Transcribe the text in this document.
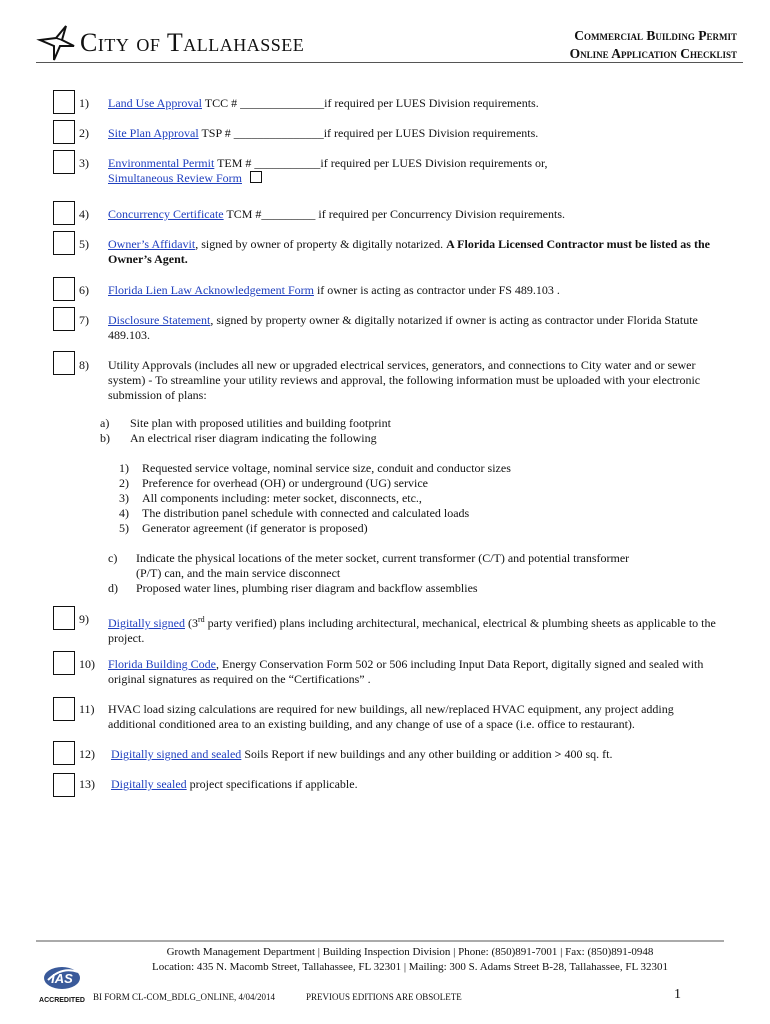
City of Tallahassee	Commercial Building Permit
Online Application Checklist
1) Land Use Approval TCC # ______________if required per LUES Division requirements.
2) Site Plan Approval TSP # _______________if required per LUES Division requirements.
3) Environmental Permit TEM # ___________if required per LUES Division requirements or,
Simultaneous Review Form
4) Concurrency Certificate TCM #_________ if required per Concurrency Division requirements.
5) Owner’s Affidavit, signed by owner of property & digitally notarized. A Florida Licensed Contractor must be listed as the Owner’s Agent.
6) Florida Lien Law Acknowledgement Form if owner is acting as contractor under FS 489.103 .
7) Disclosure Statement, signed by property owner & digitally notarized if owner is acting as contractor under Florida Statute 489.103.
8) Utility Approvals (includes all new or upgraded electrical services, generators, and connections to City water and or sewer system) - To streamline your utility reviews and approval, the following information must be uploaded with your electronic submission of plans:
a) Site plan with proposed utilities and building footprint
b) An electrical riser diagram indicating the following
1) Requested service voltage, nominal service size, conduit and conductor sizes
2) Preference for overhead (OH) or underground (UG) service
3) All components including: meter socket, disconnects, etc.,
4) The distribution panel schedule with connected and calculated loads
5) Generator agreement (if generator is proposed)
c) Indicate the physical locations of the meter socket, current transformer (C/T) and potential transformer (P/T) can, and the main service disconnect
d) Proposed water lines, plumbing riser diagram and backflow assemblies
9) Digitally signed (3rd party verified) plans including architectural, mechanical, electrical & plumbing sheets as applicable to the project.
10) Florida Building Code, Energy Conservation Form 502 or 506 including Input Data Report, digitally signed and sealed with original signatures as required on the “Certifications” .
11) HVAC load sizing calculations are required for new buildings, all new/replaced HVAC equipment, any project adding additional conditioned area to an existing building, and any change of use of a space (i.e. office to restaurant).
12) Digitally signed and sealed Soils Report if new buildings and any other building or addition > 400 sq. ft.
13) Digitally sealed project specifications if applicable.
Growth Management Department | Building Inspection Division | Phone: (850)891-7001 | Fax: (850)891-0948
Location: 435 N. Macomb Street, Tallahassee, FL 32301 | Mailing: 300 S. Adams Street B-28, Tallahassee, FL 32301
IAS
ACCREDITED BI FORM CL-COM_BDLG_ONLINE, 4/04/2014	PREVIOUS EDITIONS ARE OBSOLETE	1
